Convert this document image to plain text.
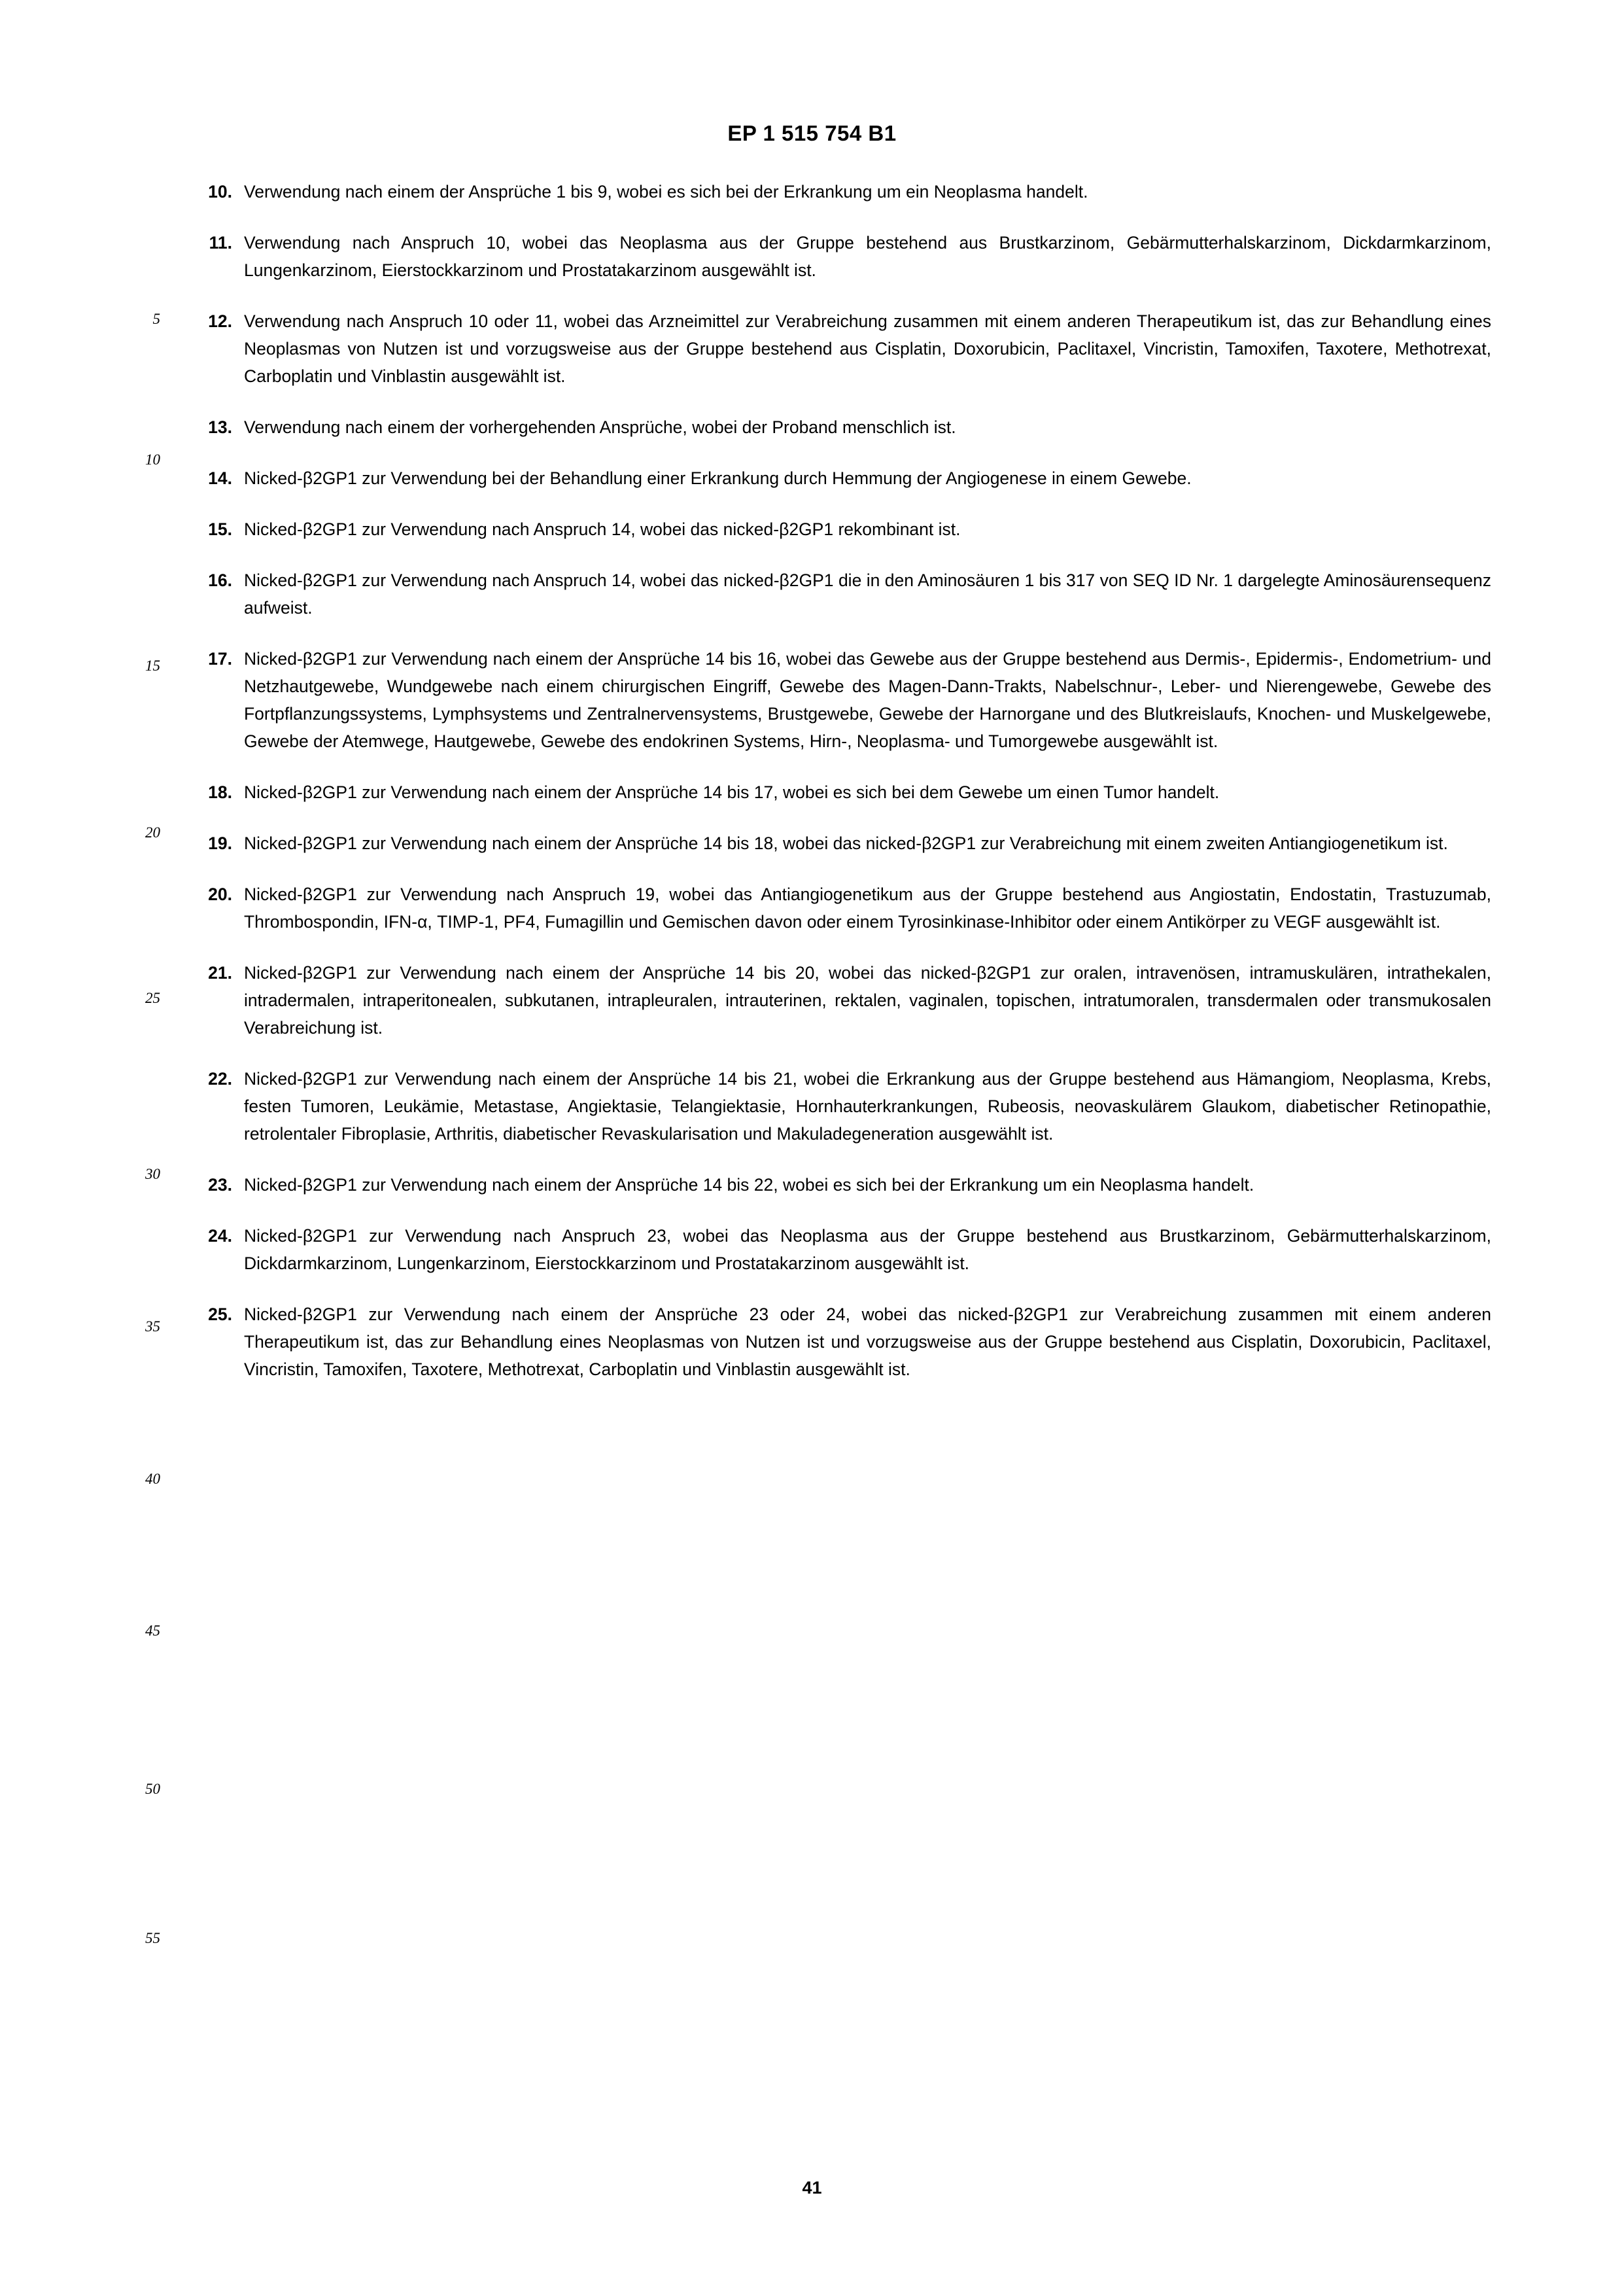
EP 1 515 754 B1
5
10
15
20
25
30
35
40
45
50
55
10. Verwendung nach einem der Ansprüche 1 bis 9, wobei es sich bei der Erkrankung um ein Neoplasma handelt.
11. Verwendung nach Anspruch 10, wobei das Neoplasma aus der Gruppe bestehend aus Brustkarzinom, Gebärmutterhalskarzinom, Dickdarmkarzinom, Lungenkarzinom, Eierstockkarzinom und Prostatakarzinom ausgewählt ist.
12. Verwendung nach Anspruch 10 oder 11, wobei das Arzneimittel zur Verabreichung zusammen mit einem anderen Therapeutikum ist, das zur Behandlung eines Neoplasmas von Nutzen ist und vorzugsweise aus der Gruppe bestehend aus Cisplatin, Doxorubicin, Paclitaxel, Vincristin, Tamoxifen, Taxotere, Methotrexat, Carboplatin und Vinblastin ausgewählt ist.
13. Verwendung nach einem der vorhergehenden Ansprüche, wobei der Proband menschlich ist.
14. Nicked-β2GP1 zur Verwendung bei der Behandlung einer Erkrankung durch Hemmung der Angiogenese in einem Gewebe.
15. Nicked-β2GP1 zur Verwendung nach Anspruch 14, wobei das nicked-β2GP1 rekombinant ist.
16. Nicked-β2GP1 zur Verwendung nach Anspruch 14, wobei das nicked-β2GP1 die in den Aminosäuren 1 bis 317 von SEQ ID Nr. 1 dargelegte Aminosäurensequenz aufweist.
17. Nicked-β2GP1 zur Verwendung nach einem der Ansprüche 14 bis 16, wobei das Gewebe aus der Gruppe bestehend aus Dermis-, Epidermis-, Endometrium- und Netzhautgewebe, Wundgewebe nach einem chirurgischen Eingriff, Gewebe des Magen-Dann-Trakts, Nabelschnur-, Leber- und Nierengewebe, Gewebe des Fortpflanzungssystems, Lymphsystems und Zentralnervensystems, Brustgewebe, Gewebe der Harnorgane und des Blutkreislaufs, Knochen- und Muskelgewebe, Gewebe der Atemwege, Hautgewebe, Gewebe des endokrinen Systems, Hirn-, Neoplasma- und Tumorgewebe ausgewählt ist.
18. Nicked-β2GP1 zur Verwendung nach einem der Ansprüche 14 bis 17, wobei es sich bei dem Gewebe um einen Tumor handelt.
19. Nicked-β2GP1 zur Verwendung nach einem der Ansprüche 14 bis 18, wobei das nicked-β2GP1 zur Verabreichung mit einem zweiten Antiangiogenetikum ist.
20. Nicked-β2GP1 zur Verwendung nach Anspruch 19, wobei das Antiangiogenetikum aus der Gruppe bestehend aus Angiostatin, Endostatin, Trastuzumab, Thrombospondin, IFN-α, TIMP-1, PF4, Fumagillin und Gemischen davon oder einem Tyrosinkinase-Inhibitor oder einem Antikörper zu VEGF ausgewählt ist.
21. Nicked-β2GP1 zur Verwendung nach einem der Ansprüche 14 bis 20, wobei das nicked-β2GP1 zur oralen, intravenösen, intramuskulären, intrathekalen, intradermalen, intraperitonealen, subkutanen, intrapleuralen, intrauterinen, rektalen, vaginalen, topischen, intratumoralen, transdermalen oder transmukosalen Verabreichung ist.
22. Nicked-β2GP1 zur Verwendung nach einem der Ansprüche 14 bis 21, wobei die Erkrankung aus der Gruppe bestehend aus Hämangiom, Neoplasma, Krebs, festen Tumoren, Leukämie, Metastase, Angiektasie, Telangiektasie, Hornhauterkrankungen, Rubeosis, neovaskulärem Glaukom, diabetischer Retinopathie, retrolentaler Fibroplasie, Arthritis, diabetischer Revaskularisation und Makuladegeneration ausgewählt ist.
23. Nicked-β2GP1 zur Verwendung nach einem der Ansprüche 14 bis 22, wobei es sich bei der Erkrankung um ein Neoplasma handelt.
24. Nicked-β2GP1 zur Verwendung nach Anspruch 23, wobei das Neoplasma aus der Gruppe bestehend aus Brustkarzinom, Gebärmutterhalskarzinom, Dickdarmkarzinom, Lungenkarzinom, Eierstockkarzinom und Prostatakarzinom ausgewählt ist.
25. Nicked-β2GP1 zur Verwendung nach einem der Ansprüche 23 oder 24, wobei das nicked-β2GP1 zur Verabreichung zusammen mit einem anderen Therapeutikum ist, das zur Behandlung eines Neoplasmas von Nutzen ist und vorzugsweise aus der Gruppe bestehend aus Cisplatin, Doxorubicin, Paclitaxel, Vincristin, Tamoxifen, Taxotere, Methotrexat, Carboplatin und Vinblastin ausgewählt ist.
41
